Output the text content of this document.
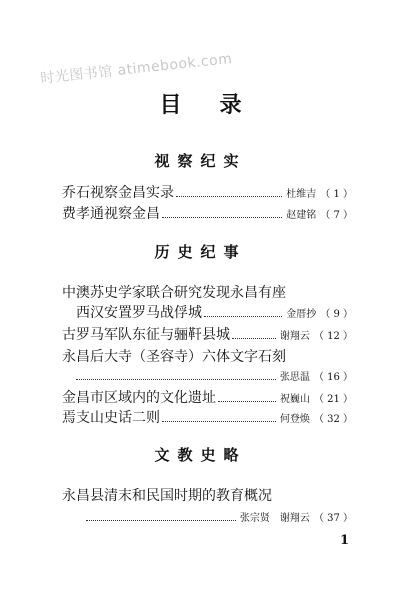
时光图书馆 atimebook.com
目录
视察纪实
乔石视察金昌实录	杜维吉 （ 1 ）
费孝通视察金昌	赵建铭 （ 7 ）
历史纪事
中澳苏史学家联合研究发现永昌有座
西汉安置罗马战俘城	金厝抄 （ 9 ）
古罗马军队东征与骊靬县城	谢翔云 （ 12 ）
永昌后大寺（圣容寺）六体文字石刻
张思温 （ 16 ）
金昌市区域内的文化遗址	祝巍山 （ 21 ）
焉支山史话二则	何登焕 （ 32 ）
文教史略
永昌县清末和民国时期的教育概况
张宗贤　谢翔云 （ 37 ）
1
